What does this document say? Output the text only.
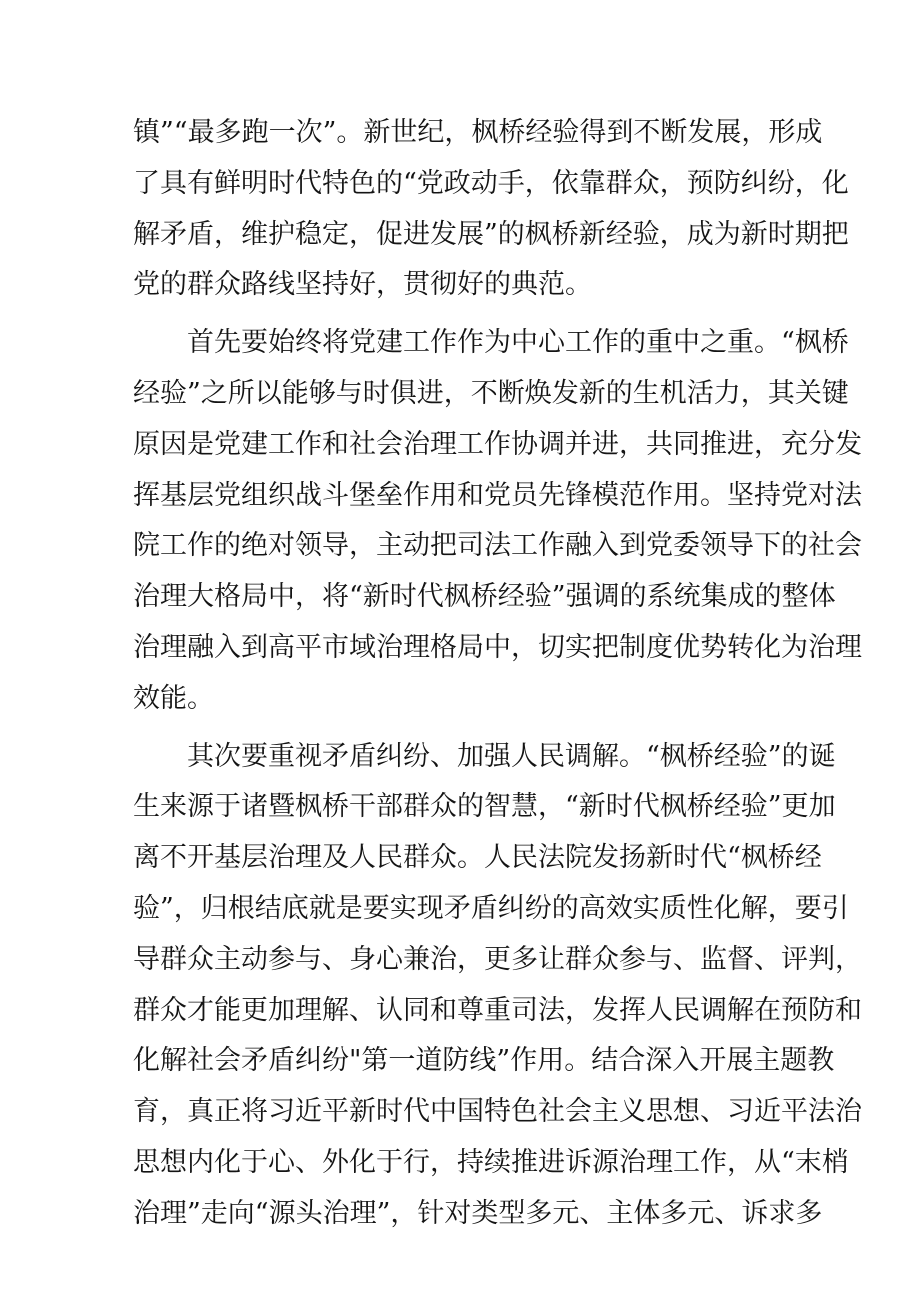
镇”“最多跑一次”。新世纪，枫桥经验得到不断发展，形成
了具有鲜明时代特色的“党政动手，依靠群众，预防纠纷，化
解矛盾，维护稳定，促进发展”的枫桥新经验，成为新时期把
党的群众路线坚持好，贯彻好的典范。
　　首先要始终将党建工作作为中心工作的重中之重。“枫桥
经验”之所以能够与时俱进，不断焕发新的生机活力，其关键
原因是党建工作和社会治理工作协调并进，共同推进，充分发
挥基层党组织战斗堡垒作用和党员先锋模范作用。坚持党对法
院工作的绝对领导，主动把司法工作融入到党委领导下的社会
治理大格局中，将“新时代枫桥经验”强调的系统集成的整体
治理融入到高平市域治理格局中，切实把制度优势转化为治理
效能。
　　其次要重视矛盾纠纷、加强人民调解。“枫桥经验”的诞
生来源于诸暨枫桥干部群众的智慧，“新时代枫桥经验”更加
离不开基层治理及人民群众。人民法院发扬新时代“枫桥经
验”，归根结底就是要实现矛盾纠纷的高效实质性化解，要引
导群众主动参与、身心兼治，更多让群众参与、监督、评判，
群众才能更加理解、认同和尊重司法，发挥人民调解在预防和
化解社会矛盾纠纷"第一道防线”作用。结合深入开展主题教
育，真正将习近平新时代中国特色社会主义思想、习近平法治
思想内化于心、外化于行，持续推进诉源治理工作，从“末梢
治理”走向“源头治理”，针对类型多元、主体多元、诉求多
